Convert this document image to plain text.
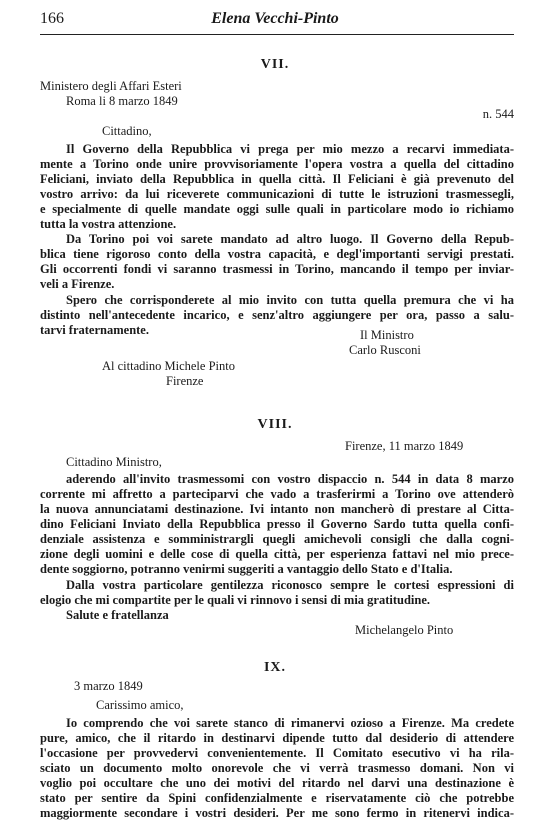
166	Elena Vecchi-Pinto
VII.
Ministero degli Affari Esteri
Roma li 8 marzo 1849
n. 544
Cittadino,
Il Governo della Repubblica vi prega per mio mezzo a recarvi immediata-
mente a Torino onde unire provvisoriamente l'opera vostra a quella del cittadino
Feliciani, inviato della Repubblica in quella città. Il Feliciani è già prevenuto del
vostro arrivo: da lui riceverete communicazioni di tutte le istruzioni trasmessegli,
e specialmente di quelle mandate oggi sulle quali in particolare modo io richiamo
tutta la vostra attenzione.
Da Torino poi voi sarete mandato ad altro luogo. Il Governo della Repub-
blica tiene rigoroso conto della vostra capacità, e degl'importanti servigi prestati.
Gli occorrenti fondi vi saranno trasmessi in Torino, mancando il tempo per inviar-
veli a Firenze.
Spero che corrisponderete al mio invito con tutta quella premura che vi ha
distinto nell'antecedente incarico, e senz'altro aggiungere per ora, passo a salu-
tarvi fraternamente.	Il Ministro
Carlo Rusconi
Al cittadino Michele Pinto
Firenze
VIII.
Firenze, 11 marzo 1849
Cittadino Ministro,
aderendo all'invito trasmessomi con vostro dispaccio n. 544 in data 8 marzo
corrente mi affretto a parteciparvi che vado a trasferirmi a Torino ove attenderò
la nuova annunciatami destinazione. Ivi intanto non mancherò di prestare al Citta-
dino Feliciani Inviato della Repubblica presso il Governo Sardo tutta quella confi-
denziale assistenza e somministrargli quegli amichevoli consigli che dalla cogni-
zione degli uomini e delle cose di quella città, per esperienza fattavi nel mio prece-
dente soggiorno, potranno venirmi suggeriti a vantaggio dello Stato e d'Italia.
Dalla vostra particolare gentilezza riconosco sempre le cortesi espressioni di
elogio che mi compartite per le quali vi rinnovo i sensi di mia gratitudine.
Salute e fratellanza
Michelangelo Pinto
IX.
3 marzo 1849
Carissimo amico,
Io comprendo che voi sarete stanco di rimanervi ozioso a Firenze. Ma credete
pure, amico, che il ritardo in destinarvi dipende tutto dal desiderio di attendere
l'occasione per provvedervi convenientemente. Il Comitato esecutivo vi ha rila-
sciato un documento molto onorevole che vi verrà trasmesso domani. Non vi
voglio poi occultare che uno dei motivi del ritardo nel darvi una destinazione è
stato per sentire da Spini confidenzialmente e riservatamente ciò che potrebbe
maggiormente secondare i vostri desideri. Per me sono fermo in ritenervi indica-
